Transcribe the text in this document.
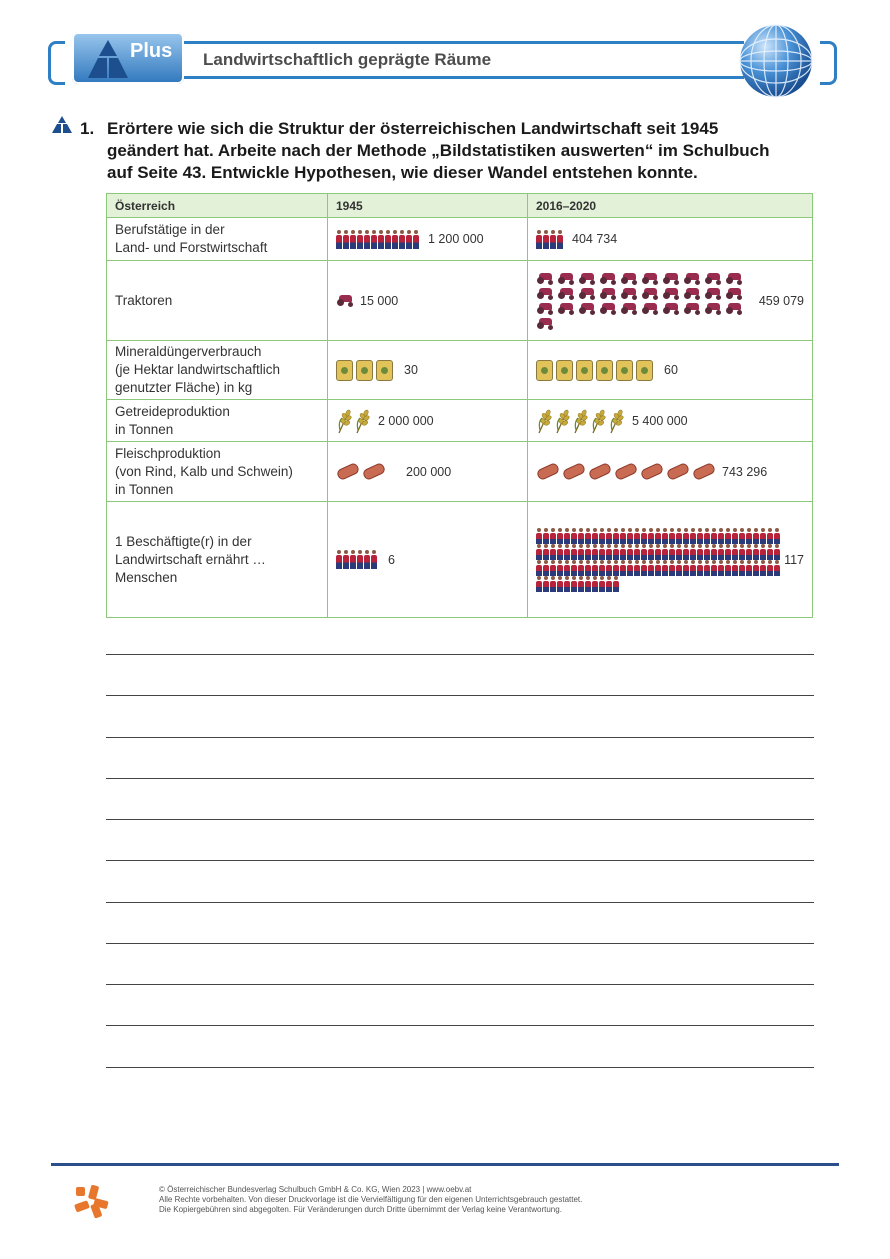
Plus Landwirtschaftlich geprägte Räume
1. Erörtere wie sich die Struktur der österreichischen Landwirtschaft seit 1945
geändert hat. Arbeite nach der Methode „Bildstatistiken auswerten“ im Schulbuch
auf Seite 43. Entwickle Hypothesen, wie dieser Wandel entstehen konnte.
Österreich	1945	2016–2020

Berufstätige in der
Land- und Forstwirtschaft	1 200 000	404 734

Traktoren	15 000	459 079

Mineraldüngerverbrauch
(je Hektar landwirtschaftlich
genutzter Fläche) in kg	30	60

Getreideproduktion
in Tonnen	2 000 000	5 400 000

Fleischproduktion
(von Rind, Kalb und Schwein)
in Tonnen	200 000	743 296

1 Beschäftigte(r) in der
Landwirtschaft ernährt …
Menschen	6	117
© Österreichischer Bundesverlag Schulbuch GmbH & Co. KG, Wien 2023 | www.oebv.at
Alle Rechte vorbehalten. Von dieser Druckvorlage ist die Vervielfältigung für den eigenen Unterrichtsgebrauch gestattet.
Die Kopiergebühren sind abgegolten. Für Veränderungen durch Dritte übernimmt der Verlag keine Verantwortung.
